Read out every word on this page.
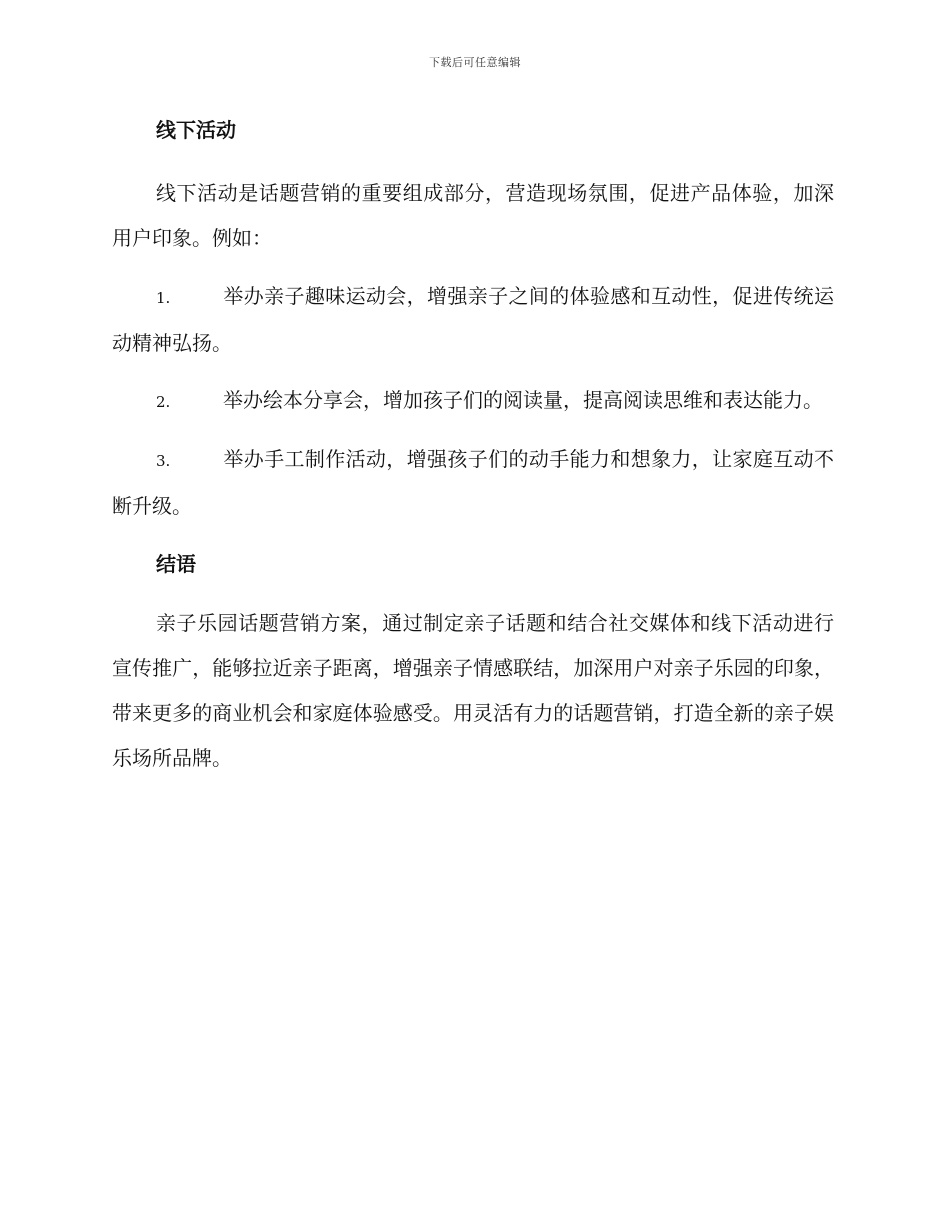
下载后可任意编辑
线下活动

线下活动是话题营销的重要组成部分，营造现场氛围，促进产品体验，加深用户印象。例如：

1.	举办亲子趣味运动会，增强亲子之间的体验感和互动性，促进传统运动精神弘扬。

2.	举办绘本分享会，增加孩子们的阅读量，提高阅读思维和表达能力。

3.	举办手工制作活动，增强孩子们的动手能力和想象力，让家庭互动不断升级。

结语

亲子乐园话题营销方案，通过制定亲子话题和结合社交媒体和线下活动进行宣传推广，能够拉近亲子距离，增强亲子情感联结，加深用户对亲子乐园的印象，带来更多的商业机会和家庭体验感受。用灵活有力的话题营销，打造全新的亲子娱乐场所品牌。
